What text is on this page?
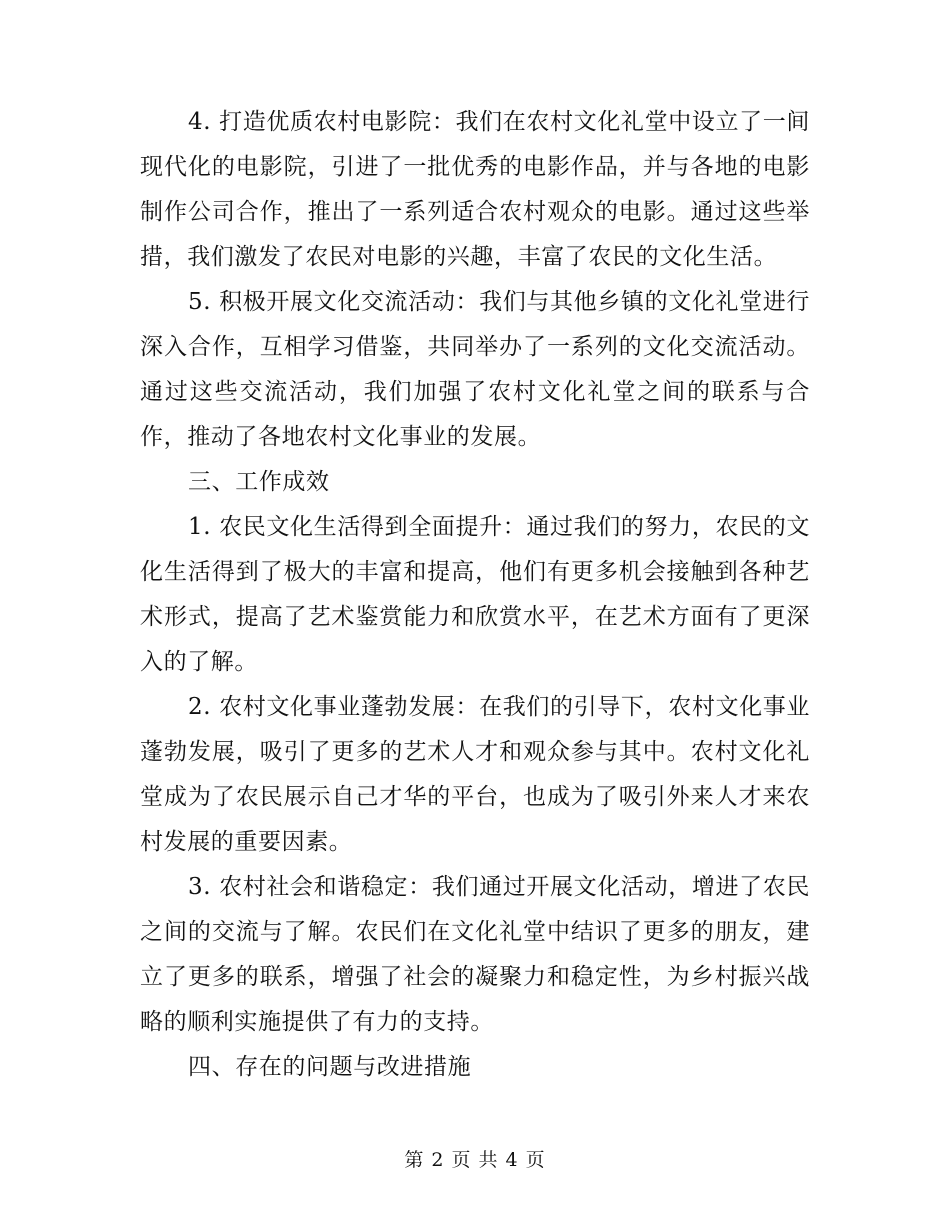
4. 打造优质农村电影院：我们在农村文化礼堂中设立了一间现代化的电影院，引进了一批优秀的电影作品，并与各地的电影制作公司合作，推出了一系列适合农村观众的电影。通过这些举措，我们激发了农民对电影的兴趣，丰富了农民的文化生活。

5. 积极开展文化交流活动：我们与其他乡镇的文化礼堂进行深入合作，互相学习借鉴，共同举办了一系列的文化交流活动。通过这些交流活动，我们加强了农村文化礼堂之间的联系与合作，推动了各地农村文化事业的发展。

三、工作成效

1. 农民文化生活得到全面提升：通过我们的努力，农民的文化生活得到了极大的丰富和提高，他们有更多机会接触到各种艺术形式，提高了艺术鉴赏能力和欣赏水平，在艺术方面有了更深入的了解。

2. 农村文化事业蓬勃发展：在我们的引导下，农村文化事业蓬勃发展，吸引了更多的艺术人才和观众参与其中。农村文化礼堂成为了农民展示自己才华的平台，也成为了吸引外来人才来农村发展的重要因素。

3. 农村社会和谐稳定：我们通过开展文化活动，增进了农民之间的交流与了解。农民们在文化礼堂中结识了更多的朋友，建立了更多的联系，增强了社会的凝聚力和稳定性，为乡村振兴战略的顺利实施提供了有力的支持。

四、存在的问题与改进措施

第 2 页 共 4 页
